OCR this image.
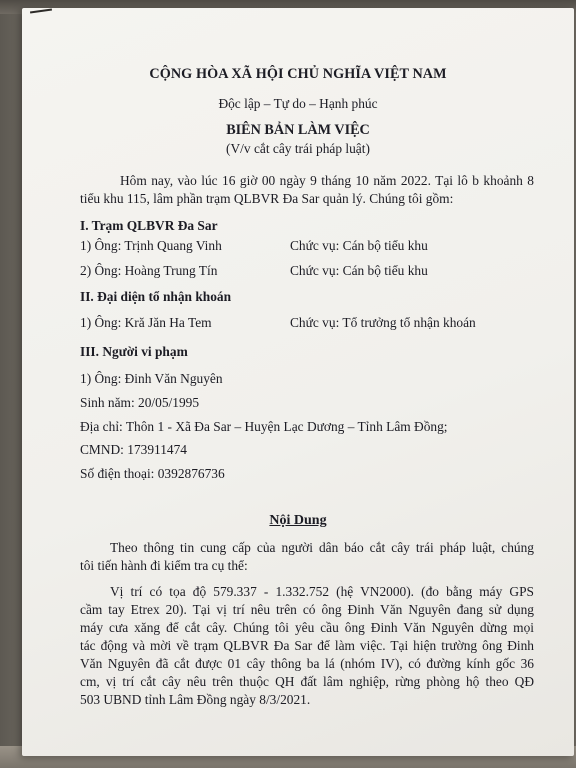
CỘNG HÒA XÃ HỘI CHỦ NGHĨA VIỆT NAM
Độc lập – Tự do – Hạnh phúc
BIÊN BẢN LÀM VIỆC
(V/v cắt cây trái pháp luật)
Hôm nay, vào lúc 16 giờ 00 ngày 9 tháng 10 năm 2022. Tại lô b khoảnh 8
tiểu khu 115, lâm phần trạm QLBVR Đa Sar quản lý. Chúng tôi gồm:
I. Trạm QLBVR Đa Sar
1) Ông: Trịnh Quang Vinh	Chức vụ: Cán bộ tiểu khu
2) Ông: Hoàng Trung Tín	Chức vụ: Cán bộ tiểu khu
II. Đại diện tổ nhận khoán
1) Ông: Kră Jăn Ha Tem	Chức vụ: Tổ trưởng tổ nhận khoán
III. Người vi phạm
1) Ông: Đinh Văn Nguyên
Sinh năm: 20/05/1995
Địa chỉ: Thôn 1 - Xã Đa Sar – Huyện Lạc Dương – Tỉnh Lâm Đồng;
CMND: 173911474
Số điện thoại: 0392876736
Nội Dung
Theo thông tin cung cấp của người dân báo cắt cây trái pháp luật, chúng
tôi tiến hành đi kiểm tra cụ thể:
Vị trí có tọa độ 579.337 - 1.332.752 (hệ VN2000). (đo bằng máy GPS
cầm tay Etrex 20). Tại vị trí nêu trên có ông Đinh Văn Nguyên đang sử dụng
máy cưa xăng để cắt cây. Chúng tôi yêu cầu ông Đinh Văn Nguyên dừng mọi
tác động và mời về trạm QLBVR Đa Sar để làm việc. Tại hiện trường ông Đinh
Văn Nguyên đã cắt được 01 cây thông ba lá (nhóm IV), có đường kính gốc 36
cm, vị trí cắt cây nêu trên thuộc QH đất lâm nghiệp, rừng phòng hộ theo QĐ
503 UBND tỉnh Lâm Đồng ngày 8/3/2021.
